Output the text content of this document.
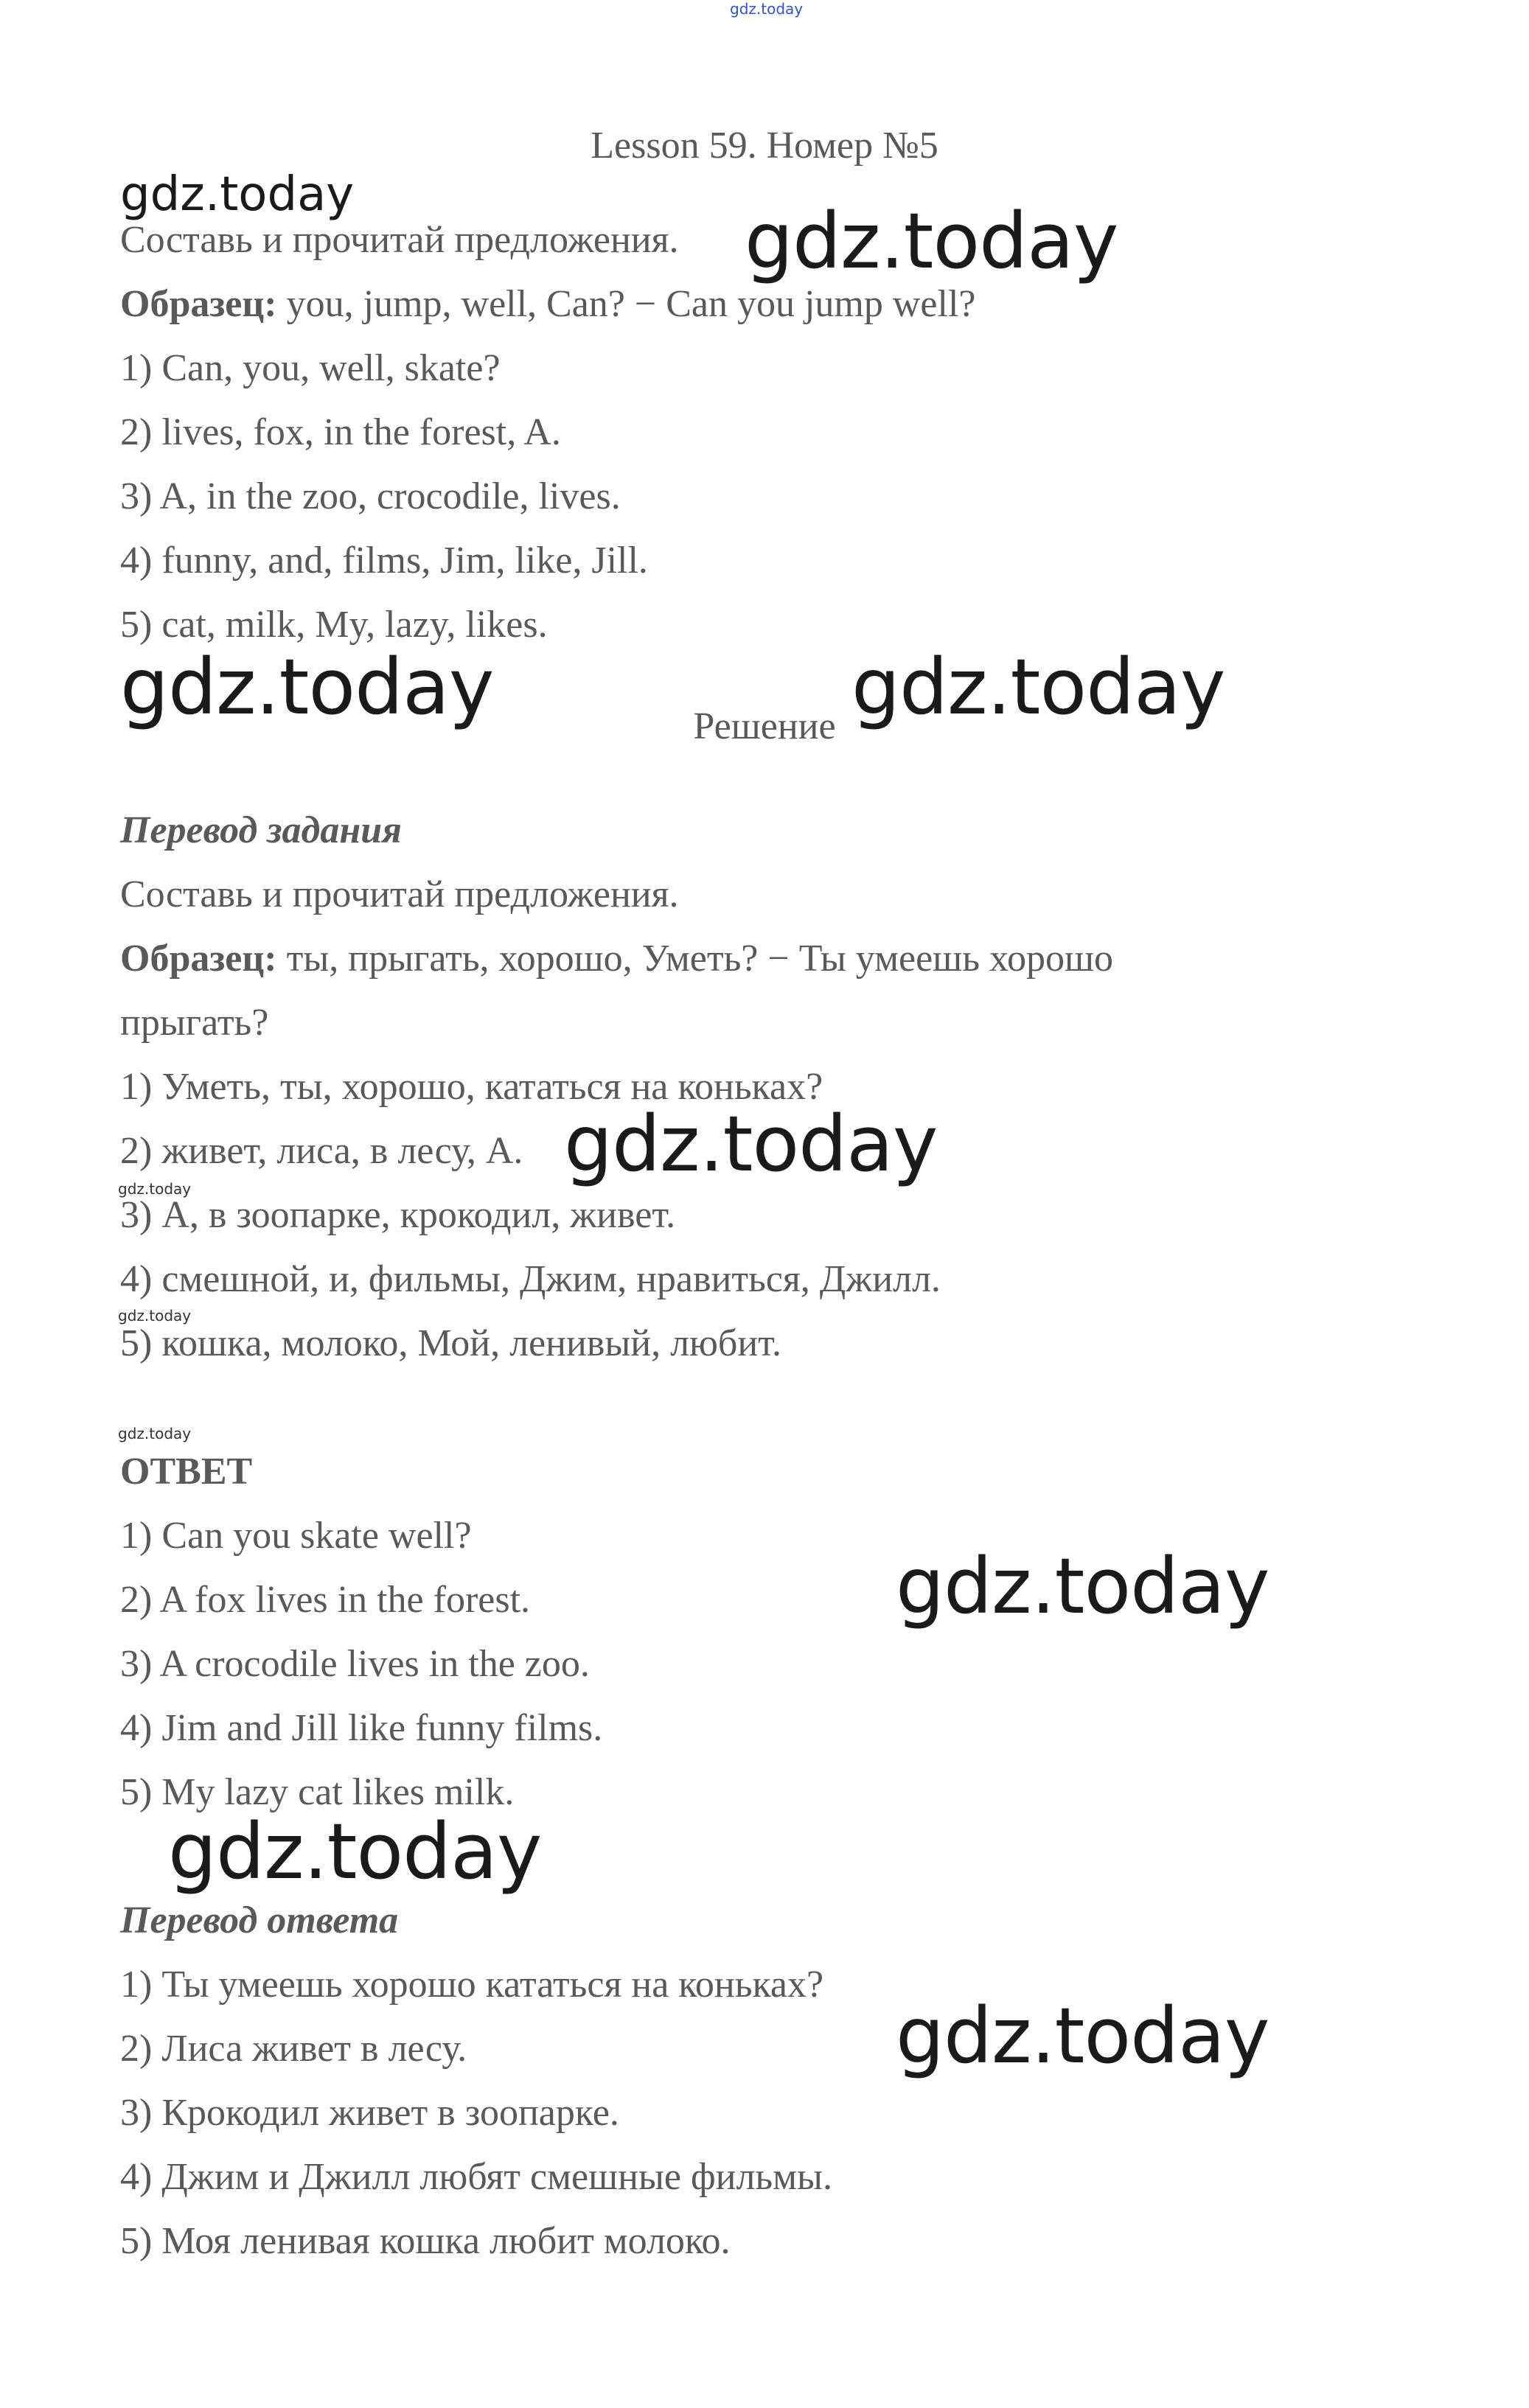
gdz.today
gdz.today
gdz.today
gdz.today	gdz.today
gdz.today
gdz.today
gdz.today
gdz.today
gdz.today
gdz.today
gdz.today
Lesson 59. Номер №5

Составь и прочитай предложения.

Образец: you, jump, well, Can? − Can you jump well?

1) Can, you, well, skate?

2) lives, fox, in the forest, A.

3) A, in the zoo, crocodile, lives.

4) funny, and, films, Jim, like, Jill.

5) cat, milk, My, lazy, likes.

Решение

Перевод задания

Составь и прочитай предложения.

Образец: ты, прыгать, хорошо, Уметь? − Ты умеешь хорошо

прыгать?

1) Уметь, ты, хорошо, кататься на коньках?

2) живет, лиса, в лесу, А.

3) А, в зоопарке, крокодил, живет.

4) смешной, и, фильмы, Джим, нравиться, Джилл.

5) кошка, молоко, Мой, ленивый, любит.

ОТВЕТ

1) Can you skate well?

2) A fox lives in the forest.

3) A crocodile lives in the zoo.

4) Jim and Jill like funny films.

5) My lazy cat likes milk.

Перевод ответа

1) Ты умеешь хорошо кататься на коньках?

2) Лиса живет в лесу.

3) Крокодил живет в зоопарке.

4) Джим и Джилл любят смешные фильмы.

5) Моя ленивая кошка любит молоко.
